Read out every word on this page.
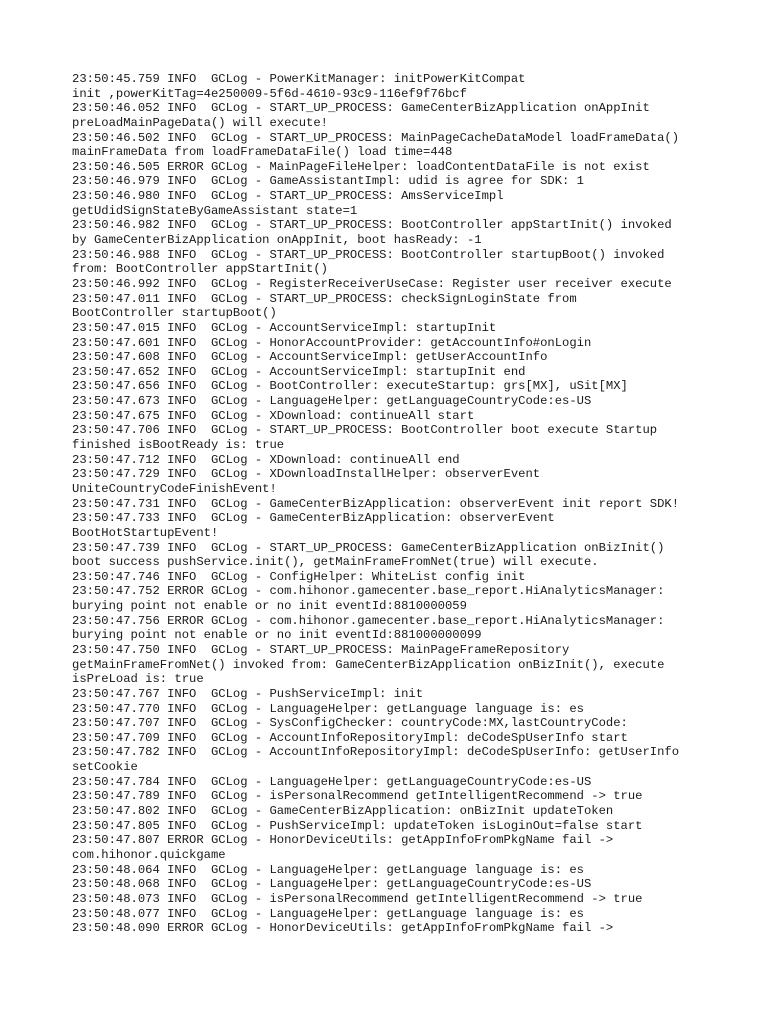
23:50:45.759 INFO  GCLog - PowerKitManager: initPowerKitCompat
init ,powerKitTag=4e250009-5f6d-4610-93c9-116ef9f76bcf
23:50:46.052 INFO  GCLog - START_UP_PROCESS: GameCenterBizApplication onAppInit
preLoadMainPageData() will execute!
23:50:46.502 INFO  GCLog - START_UP_PROCESS: MainPageCacheDataModel loadFrameData()
mainFrameData from loadFrameDataFile() load time=448
23:50:46.505 ERROR GCLog - MainPageFileHelper: loadContentDataFile is not exist
23:50:46.979 INFO  GCLog - GameAssistantImpl: udid is agree for SDK: 1
23:50:46.980 INFO  GCLog - START_UP_PROCESS: AmsServiceImpl
getUdidSignStateByGameAssistant state=1
23:50:46.982 INFO  GCLog - START_UP_PROCESS: BootController appStartInit() invoked
by GameCenterBizApplication onAppInit, boot hasReady: -1
23:50:46.988 INFO  GCLog - START_UP_PROCESS: BootController startupBoot() invoked
from: BootController appStartInit()
23:50:46.992 INFO  GCLog - RegisterReceiverUseCase: Register user receiver execute
23:50:47.011 INFO  GCLog - START_UP_PROCESS: checkSignLoginState from
BootController startupBoot()
23:50:47.015 INFO  GCLog - AccountServiceImpl: startupInit
23:50:47.601 INFO  GCLog - HonorAccountProvider: getAccountInfo#onLogin
23:50:47.608 INFO  GCLog - AccountServiceImpl: getUserAccountInfo
23:50:47.652 INFO  GCLog - AccountServiceImpl: startupInit end
23:50:47.656 INFO  GCLog - BootController: executeStartup: grs[MX], uSit[MX]
23:50:47.673 INFO  GCLog - LanguageHelper: getLanguageCountryCode:es-US
23:50:47.675 INFO  GCLog - XDownload: continueAll start
23:50:47.706 INFO  GCLog - START_UP_PROCESS: BootController boot execute Startup
finished isBootReady is: true
23:50:47.712 INFO  GCLog - XDownload: continueAll end
23:50:47.729 INFO  GCLog - XDownloadInstallHelper: observerEvent
UniteCountryCodeFinishEvent!
23:50:47.731 INFO  GCLog - GameCenterBizApplication: observerEvent init report SDK!
23:50:47.733 INFO  GCLog - GameCenterBizApplication: observerEvent
BootHotStartupEvent!
23:50:47.739 INFO  GCLog - START_UP_PROCESS: GameCenterBizApplication onBizInit()
boot success pushService.init(), getMainFrameFromNet(true) will execute.
23:50:47.746 INFO  GCLog - ConfigHelper: WhiteList config init
23:50:47.752 ERROR GCLog - com.hihonor.gamecenter.base_report.HiAnalyticsManager:
burying point not enable or no init eventId:8810000059
23:50:47.756 ERROR GCLog - com.hihonor.gamecenter.base_report.HiAnalyticsManager:
burying point not enable or no init eventId:881000000099
23:50:47.750 INFO  GCLog - START_UP_PROCESS: MainPageFrameRepository
getMainFrameFromNet() invoked from: GameCenterBizApplication onBizInit(), execute
isPreLoad is: true
23:50:47.767 INFO  GCLog - PushServiceImpl: init
23:50:47.770 INFO  GCLog - LanguageHelper: getLanguage language is: es
23:50:47.707 INFO  GCLog - SysConfigChecker: countryCode:MX,lastCountryCode:
23:50:47.709 INFO  GCLog - AccountInfoRepositoryImpl: deCodeSpUserInfo start
23:50:47.782 INFO  GCLog - AccountInfoRepositoryImpl: deCodeSpUserInfo: getUserInfo
setCookie
23:50:47.784 INFO  GCLog - LanguageHelper: getLanguageCountryCode:es-US
23:50:47.789 INFO  GCLog - isPersonalRecommend getIntelligentRecommend -> true
23:50:47.802 INFO  GCLog - GameCenterBizApplication: onBizInit updateToken
23:50:47.805 INFO  GCLog - PushServiceImpl: updateToken isLoginOut=false start
23:50:47.807 ERROR GCLog - HonorDeviceUtils: getAppInfoFromPkgName fail ->
com.hihonor.quickgame
23:50:48.064 INFO  GCLog - LanguageHelper: getLanguage language is: es
23:50:48.068 INFO  GCLog - LanguageHelper: getLanguageCountryCode:es-US
23:50:48.073 INFO  GCLog - isPersonalRecommend getIntelligentRecommend -> true
23:50:48.077 INFO  GCLog - LanguageHelper: getLanguage language is: es
23:50:48.090 ERROR GCLog - HonorDeviceUtils: getAppInfoFromPkgName fail ->
